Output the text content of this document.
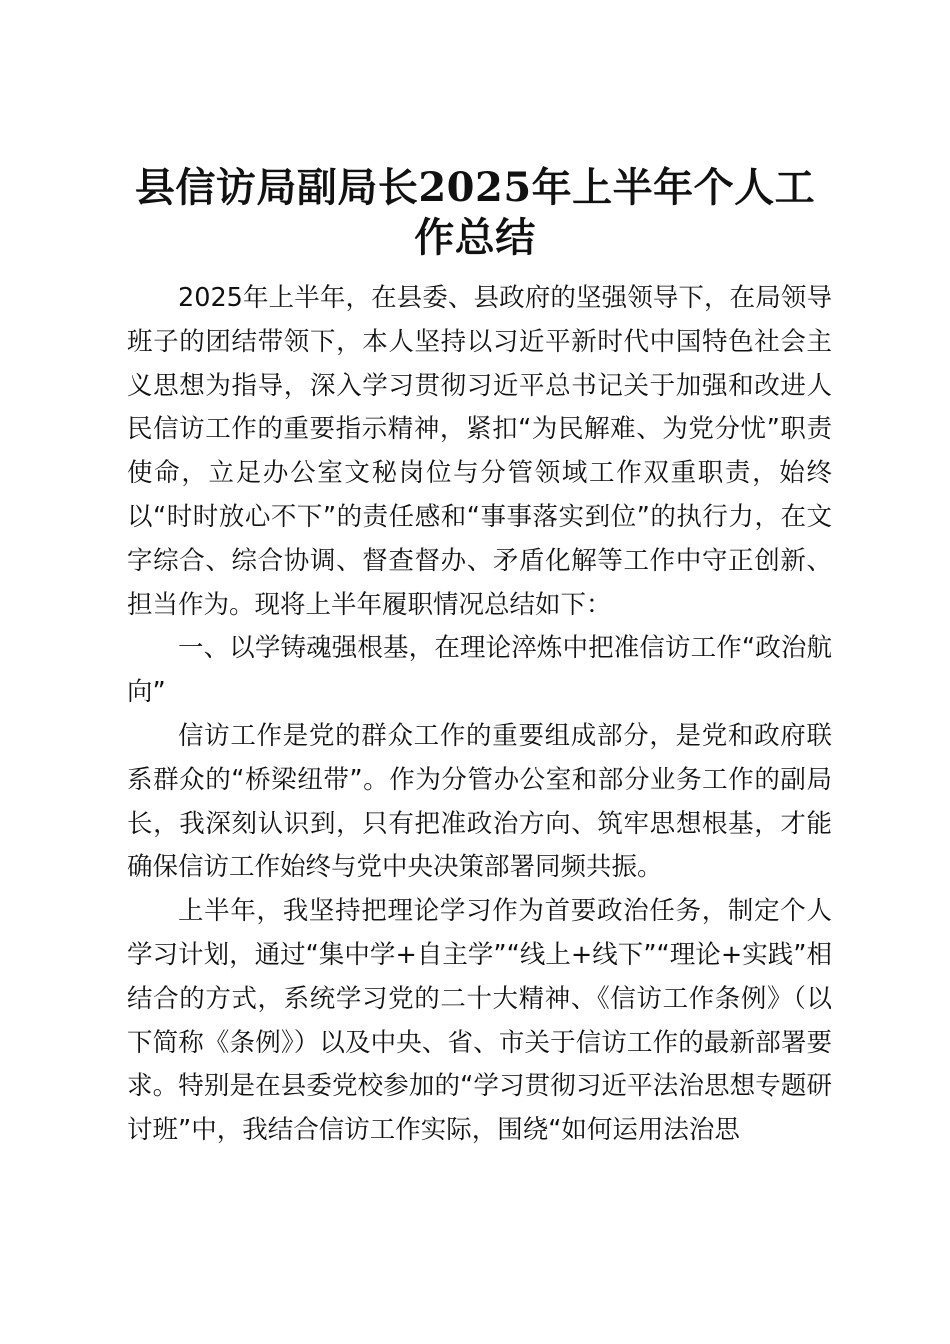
县信访局副局长2025年上半年个人工作总结

2025年上半年，在县委、县政府的坚强领导下，在局领导班子的团结带领下，本人坚持以习近平新时代中国特色社会主义思想为指导，深入学习贯彻习近平总书记关于加强和改进人民信访工作的重要指示精神，紧扣“为民解难、为党分忧”职责使命，立足办公室文秘岗位与分管领域工作双重职责，始终以“时时放心不下”的责任感和“事事落实到位”的执行力，在文字综合、综合协调、督查督办、矛盾化解等工作中守正创新、担当作为。现将上半年履职情况总结如下：

一、以学铸魂强根基，在理论淬炼中把准信访工作“政治航向”

信访工作是党的群众工作的重要组成部分，是党和政府联系群众的“桥梁纽带”。作为分管办公室和部分业务工作的副局长，我深刻认识到，只有把准政治方向、筑牢思想根基，才能确保信访工作始终与党中央决策部署同频共振。

上半年，我坚持把理论学习作为首要政治任务，制定个人学习计划，通过“集中学+自主学”“线上+线下”“理论+实践”相结合的方式，系统学习党的二十大精神、《信访工作条例》（以下简称《条例》）以及中央、省、市关于信访工作的最新部署要求。特别是在县委党校参加的“学习贯彻习近平法治思想专题研讨班”中，我结合信访工作实际，围绕“如何运用法治思
